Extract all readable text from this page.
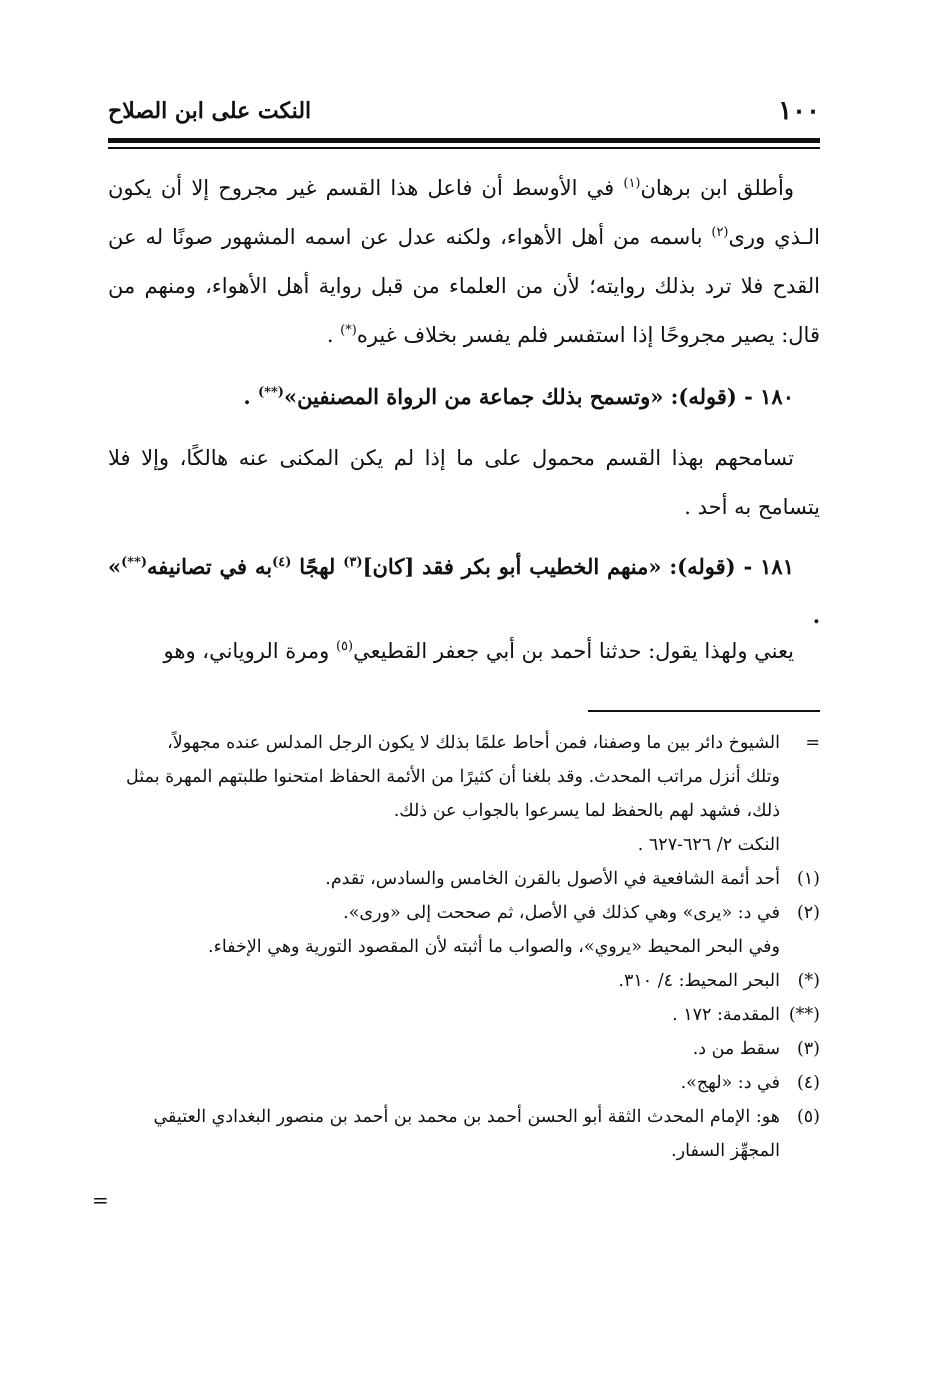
١٠٠
النكت على ابن الصلاح

وأطلق ابن برهان$^{(١)}$ في الأوسط أن فاعل هذا القسم غير مجروح إلا أن يكون الـذي ورى$^{(٢)}$ باسمه من أهل الأهواء، ولكنه عدل عن اسمه المشهور صونًا له عن القدح فلا ترد بذلك روايته؛ لأن من العلماء من قبل رواية أهل الأهواء، ومنهم من قال: يصير مجروحًا إذا استفسر فلم يفسر بخلاف غيره(*) .

١٨٠ - (قوله): «وتسمح بذلك جماعة من الرواة المصنفين»(**) .

تسامحهم بهذا القسم محمول على ما إذا لم يكن المكنى عنه هالكًا، وإلا فلا يتسامح به أحد .

١٨١ - (قوله): «منهم الخطيب أبو بكر فقد [كان]$^{(٣)}$ لهجًا $^{(٤)}$به في تصانيفه(**)» .

يعني ولهذا يقول: حدثنا أحمد بن أبي جعفر القطيعي$^{(٥)}$ ومرة الروياني، وهو

=
الشيوخ دائر بين ما وصفنا، فمن أحاط علمًا بذلك لا يكون الرجل المدلس عنده مجهولاً،
وتلك أنزل مراتب المحدث. وقد بلغنا أن كثيرًا من الأئمة الحفاظ امتحنوا طلبتهم المهرة بمثل
ذلك، فشهد لهم بالحفظ لما يسرعوا بالجواب عن ذلك.
النكت ٢/ ٦٢٦-٦٢٧ .
(١)
أحد أئمة الشافعية في الأصول بالقرن الخامس والسادس، تقدم.
(٢)
في د: «يرى» وهي كذلك في الأصل، ثم صححت إلى «ورى».
وفي البحر المحيط «يروي»، والصواب ما أثبته لأن المقصود التورية وهي الإخفاء.
(*)
البحر المحيط: ٤/ ٣١٠.
(**)
المقدمة: ١٧٢ .
(٣)
سقط من د.
(٤)
في د: «لهج».
(٥)
هو: الإمام المحدث الثقة أبو الحسن أحمد بن محمد بن أحمد بن منصور البغدادي العتيقي المجهِّز السفار.
=
